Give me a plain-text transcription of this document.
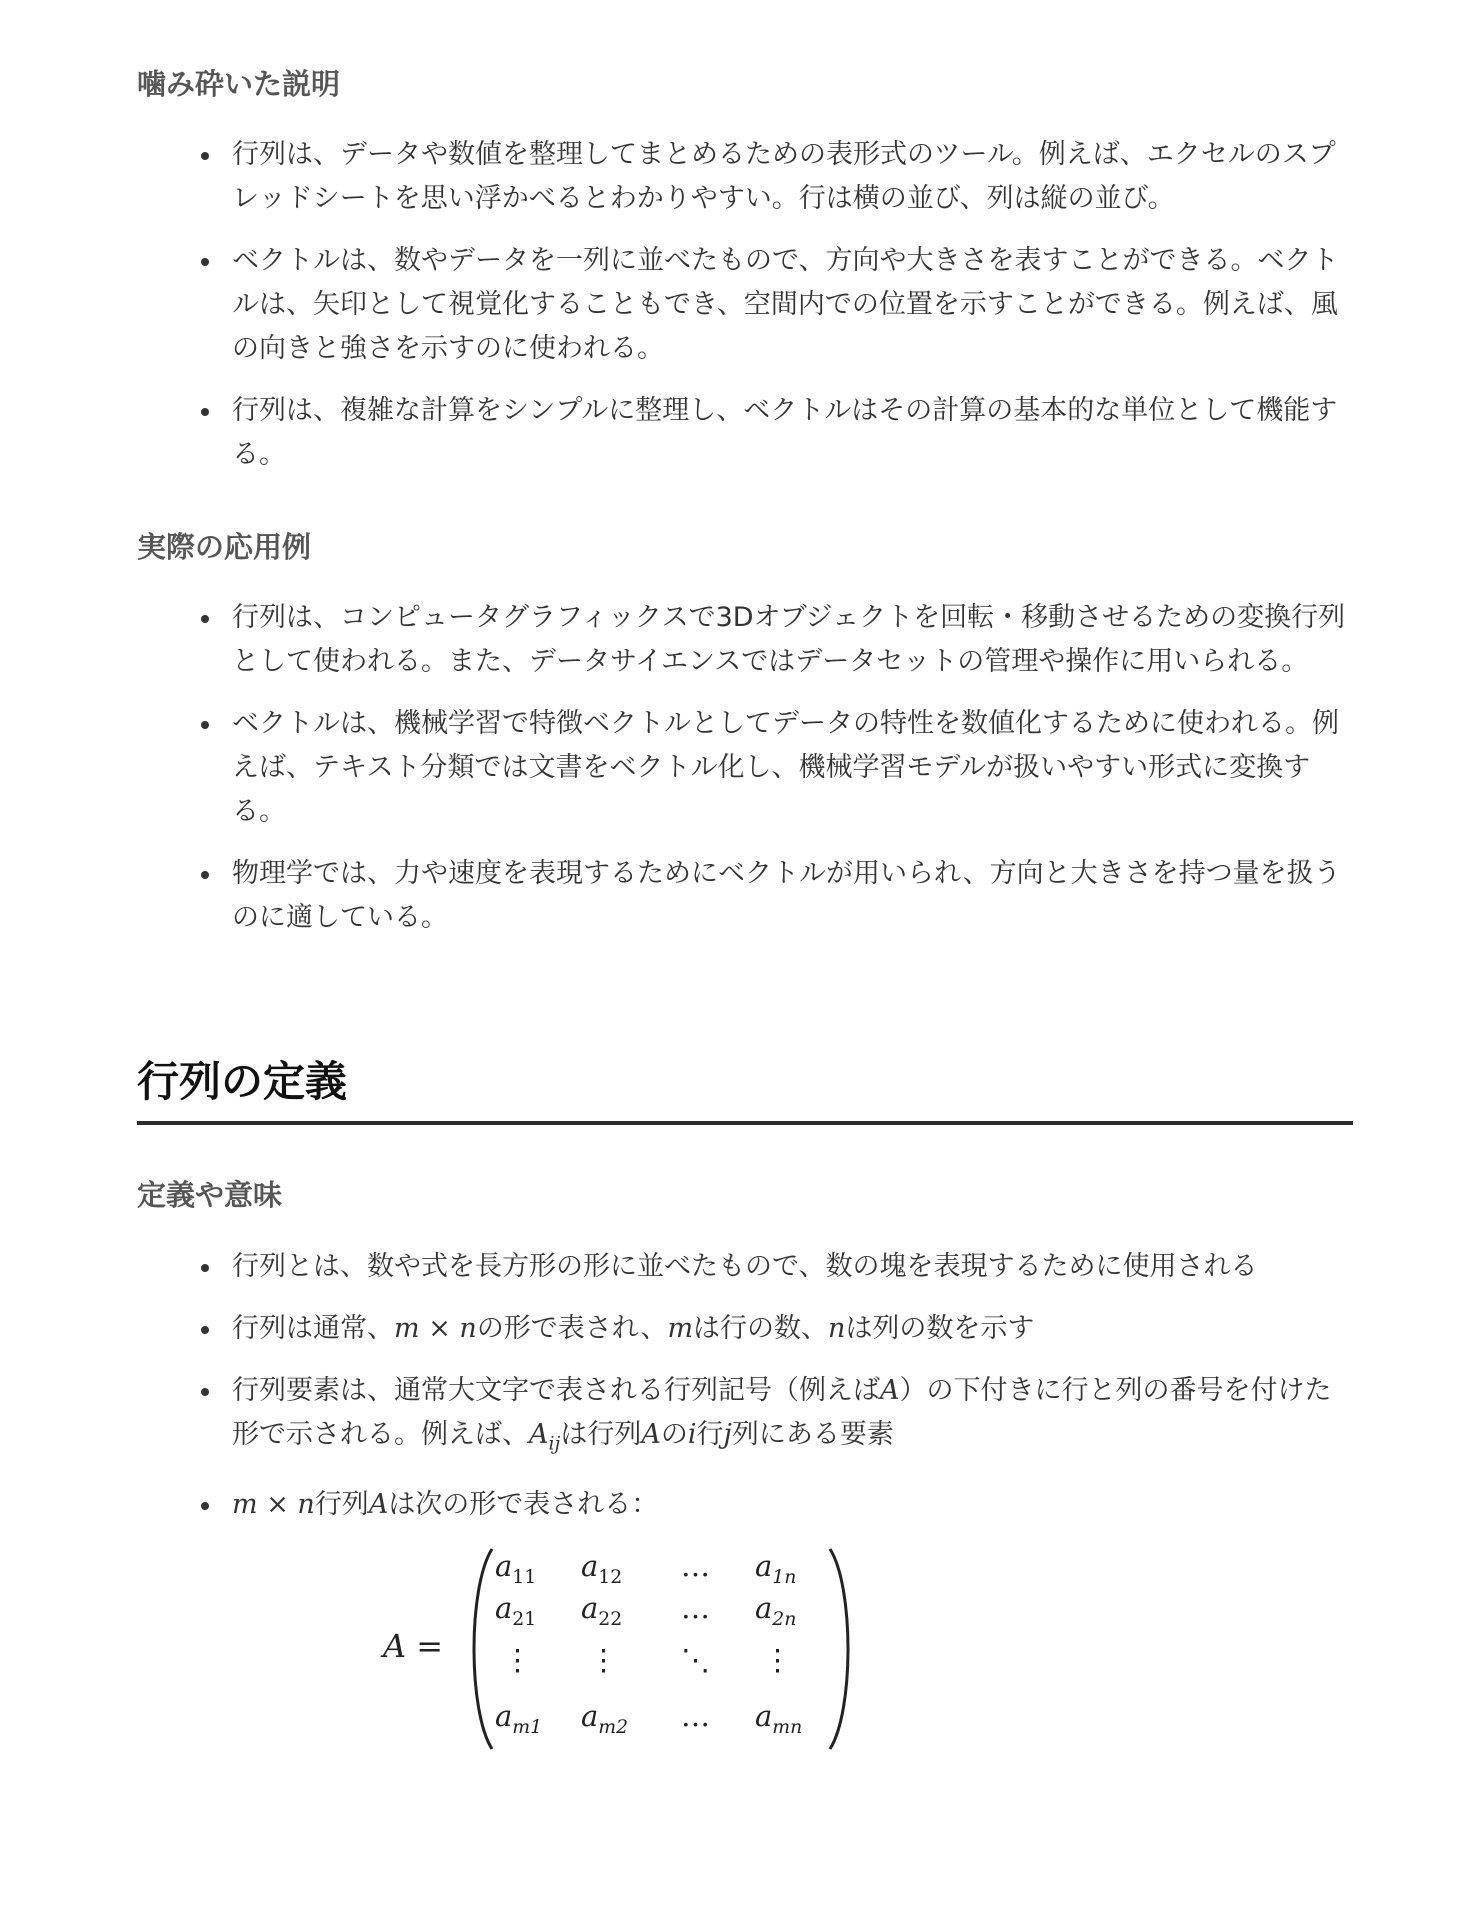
噛み砕いた説明
行列は、データや数値を整理してまとめるための表形式のツール。例えば、エクセルのスプレッドシートを思い浮かべるとわかりやすい。行は横の並び、列は縦の並び。
ベクトルは、数やデータを一列に並べたもので、方向や大きさを表すことができる。ベクトルは、矢印として視覚化することもでき、空間内での位置を示すことができる。例えば、風の向きと強さを示すのに使われる。
行列は、複雑な計算をシンプルに整理し、ベクトルはその計算の基本的な単位として機能する。
実際の応用例
行列は、コンピュータグラフィックスで3Dオブジェクトを回転・移動させるための変換行列として使われる。また、データサイエンスではデータセットの管理や操作に用いられる。
ベクトルは、機械学習で特徴ベクトルとしてデータの特性を数値化するために使われる。例えば、テキスト分類では文書をベクトル化し、機械学習モデルが扱いやすい形式に変換する。
物理学では、力や速度を表現するためにベクトルが用いられ、方向と大きさを持つ量を扱うのに適している。
行列の定義
定義や意味
行列とは、数や式を長方形の形に並べたもので、数の塊を表現するために使用される
行列は通常、m × nの形で表され、mは行の数、nは列の数を示す
行列要素は、通常大文字で表される行列記号（例えばA）の下付きに行と列の番号を付けた形で示される。例えば、$A_{ij}$は行列Aのi行j列にある要素
m × n行列Aは次の形で表される：
A =
$a_{11}$ $a_{12}$ … $a_{1n}$
$a_{21}$ $a_{22}$ … $a_{2n}$
⋮ ⋮ ⋱ ⋮
$a_{m1}$ $a_{m2}$ … $a_{mn}$
